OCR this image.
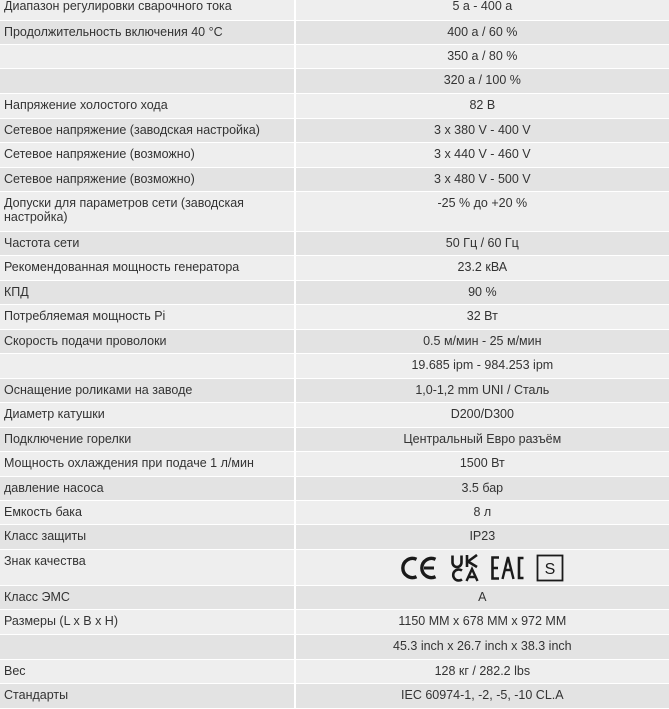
Диапазон регулировки сварочного тока		5 а - 400 а
Продолжительность включения 40 °C		400 а / 60 %
		350 а / 80 %
		320 а / 100 %
Напряжение холостого хода		82 В
Сетевое напряжение (заводская настройка)		3 x 380 V - 400 V
Сетевое напряжение (возможно)		3 x 440 V - 460 V
Сетевое напряжение (возможно)		3 x 480 V - 500 V
Допуски для параметров сети (заводская настройка)		-25 % до +20 %
Частота сети		50 Гц / 60 Гц
Рекомендованная мощность генератора		23.2 кВА
КПД		90 %
Потребляемая мощность Pi		32 Вт
Скорость подачи проволоки		0.5 м/мин - 25 м/мин
		19.685 ipm - 984.253 ipm
Оснащение роликами на заводе		1,0-1,2 mm UNI / Сталь
Диаметр катушки		D200/D300
Подключение горелки		Центральный Евро разъём
Мощность охлаждения при подаче 1 л/мин		1500 Вт
давление насоса		3.5 бар
Емкость бака		8 л
Класс защиты		IP23
Знак качества		S

Класс ЭМС		A
Размеры (L x B x H)		1150 MM x 678 MM x 972 MM
		45.3 inch x 26.7 inch x 38.3 inch
Вес		128 кг / 282.2 lbs
Стандарты		IEC 60974-1, -2, -5, -10 CL.A
